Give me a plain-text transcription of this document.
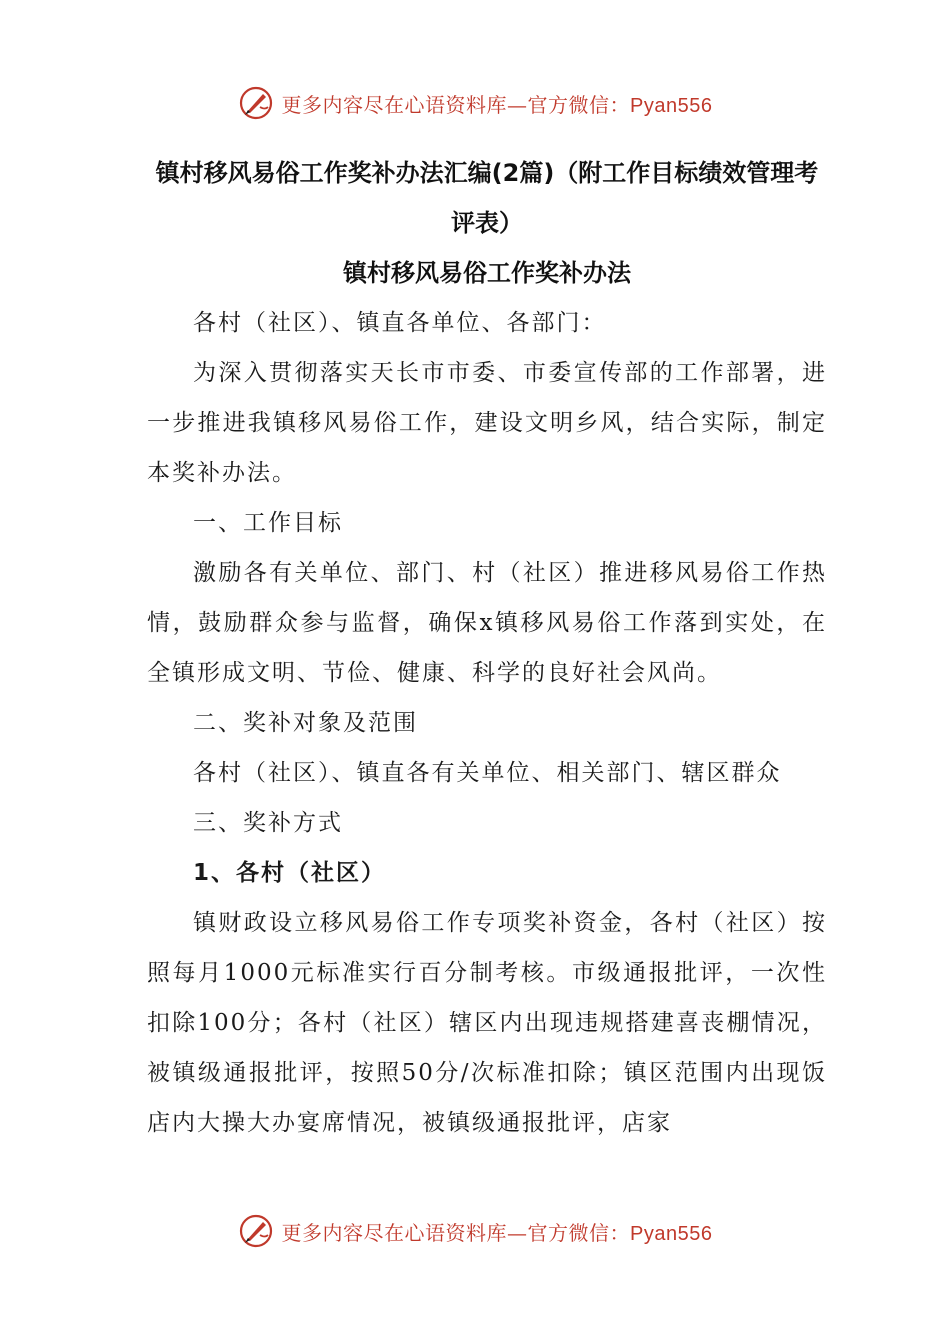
更多内容尽在心语资料库—官方微信：Pyan556
镇村移风易俗工作奖补办法汇编(2篇)（附工作目标绩效管理考评表）
镇村移风易俗工作奖补办法

各村（社区）、镇直各单位、各部门：

为深入贯彻落实天长市市委、市委宣传部的工作部署，进一步推进我镇移风易俗工作，建设文明乡风，结合实际，制定本奖补办法。

一、工作目标

激励各有关单位、部门、村（社区）推进移风易俗工作热情，鼓励群众参与监督，确保x镇移风易俗工作落到实处，在全镇形成文明、节俭、健康、科学的良好社会风尚。

二、奖补对象及范围

各村（社区）、镇直各有关单位、相关部门、辖区群众

三、奖补方式

1、各村（社区）

镇财政设立移风易俗工作专项奖补资金，各村（社区）按照每月1000元标准实行百分制考核。市级通报批评，一次性扣除100分；各村（社区）辖区内出现违规搭建喜丧棚情况，被镇级通报批评，按照50分/次标准扣除；镇区范围内出现饭店内大操大办宴席情况，被镇级通报批评，店家

更多内容尽在心语资料库—官方微信：Pyan556
